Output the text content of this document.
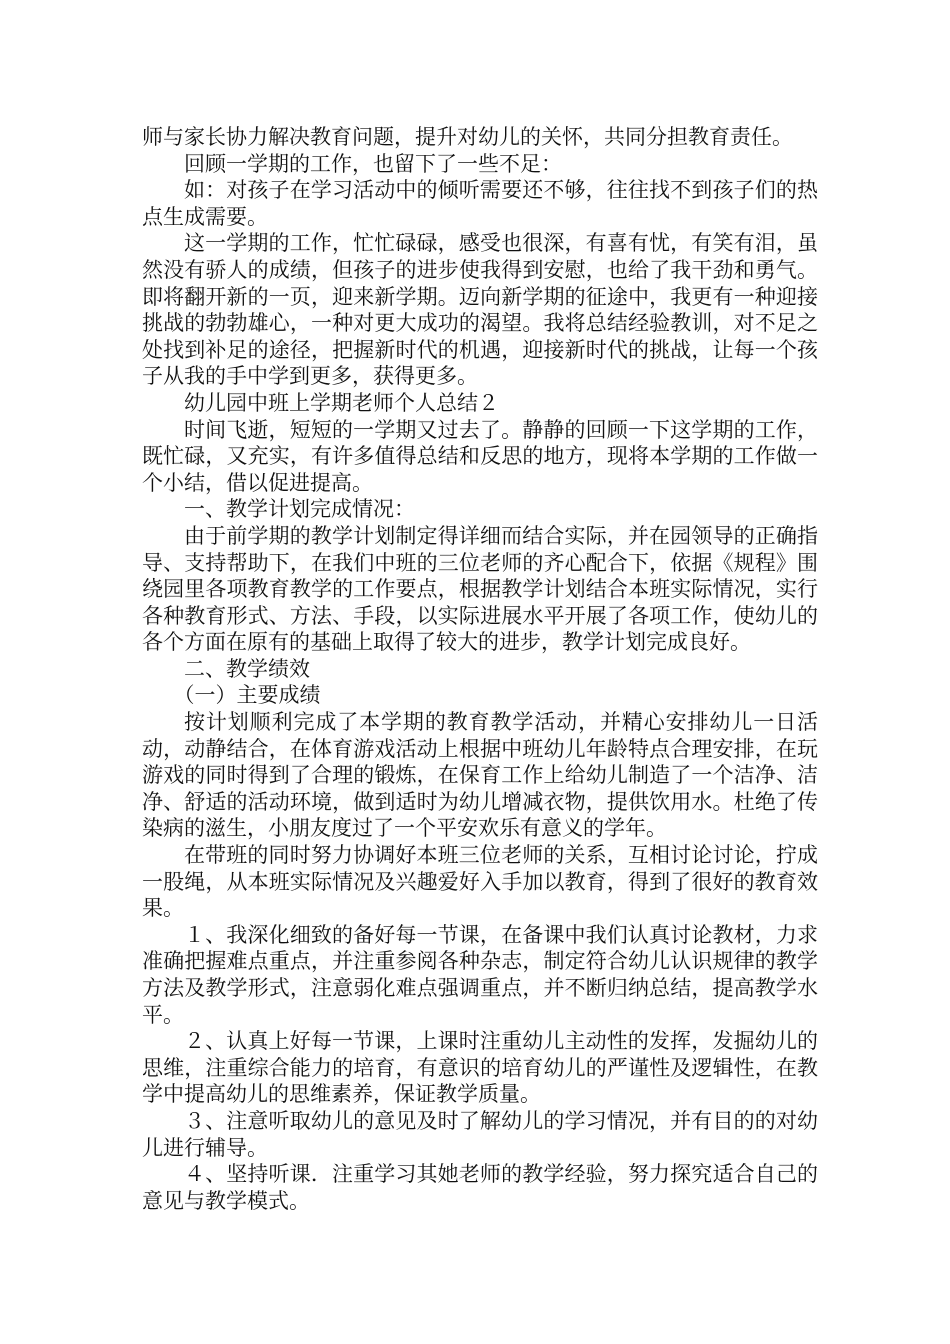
师与家长协力解决教育问题，提升对幼儿的关怀，共同分担教育责任。

回顾一学期的工作，也留下了一些不足：

如：对孩子在学习活动中的倾听需要还不够，往往找不到孩子们的热点生成需要。

这一学期的工作，忙忙碌碌，感受也很深，有喜有忧，有笑有泪，虽然没有骄人的成绩，但孩子的进步使我得到安慰，也给了我干劲和勇气。即将翻开新的一页，迎来新学期。迈向新学期的征途中，我更有一种迎接挑战的勃勃雄心，一种对更大成功的渴望。我将总结经验教训，对不足之处找到补足的途径，把握新时代的机遇，迎接新时代的挑战，让每一个孩子从我的手中学到更多，获得更多。

幼儿园中班上学期老师个人总结２

时间飞逝，短短的一学期又过去了。静静的回顾一下这学期的工作，既忙碌，又充实，有许多值得总结和反思的地方，现将本学期的工作做一个小结，借以促进提高。

一、教学计划完成情况：

由于前学期的教学计划制定得详细而结合实际，并在园领导的正确指导、支持帮助下，在我们中班的三位老师的齐心配合下，依据《规程》围绕园里各项教育教学的工作要点，根据教学计划结合本班实际情况，实行各种教育形式、方法、手段，以实际进展水平开展了各项工作，使幼儿的各个方面在原有的基础上取得了较大的进步，教学计划完成良好。

二、教学绩效

（一）主要成绩

按计划顺利完成了本学期的教育教学活动，并精心安排幼儿一日活动，动静结合，在体育游戏活动上根据中班幼儿年龄特点合理安排，在玩游戏的同时得到了合理的锻炼，在保育工作上给幼儿制造了一个洁净、洁净、舒适的活动环境，做到适时为幼儿增减衣物，提供饮用水。杜绝了传染病的滋生，小朋友度过了一个平安欢乐有意义的学年。

在带班的同时努力协调好本班三位老师的关系，互相讨论讨论，拧成一股绳，从本班实际情况及兴趣爱好入手加以教育，得到了很好的教育效果。

１、我深化细致的备好每一节课，在备课中我们认真讨论教材，力求准确把握难点重点，并注重参阅各种杂志，制定符合幼儿认识规律的教学方法及教学形式，注意弱化难点强调重点，并不断归纳总结，提高教学水平。

２、认真上好每一节课，上课时注重幼儿主动性的发挥，发掘幼儿的思维，注重综合能力的培育，有意识的培育幼儿的严谨性及逻辑性，在教学中提高幼儿的思维素养，保证教学质量。

３、注意听取幼儿的意见及时了解幼儿的学习情况，并有目的的对幼儿进行辅导。

４、坚持听课．注重学习其她老师的教学经验，努力探究适合自己的意见与教学模式。
